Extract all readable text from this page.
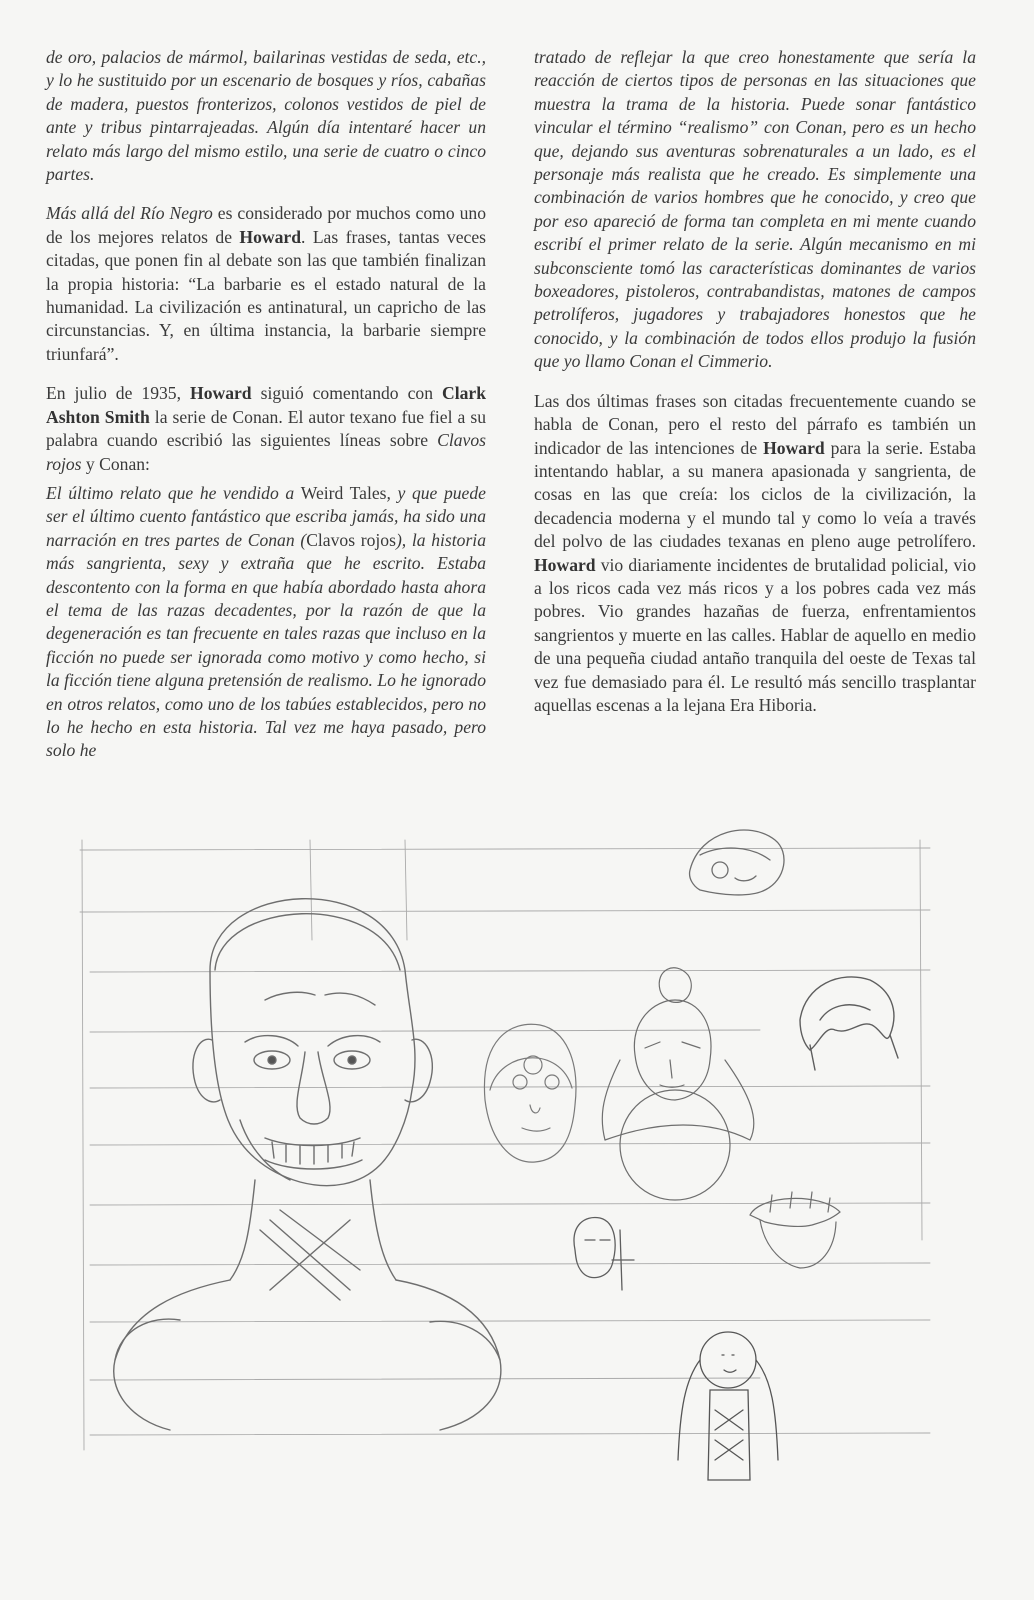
de oro, palacios de mármol, bailarinas vestidas de seda, etc., y lo he sustituido por un escenario de bosques y ríos, cabañas de madera, puestos fronterizos, colonos vestidos de piel de ante y tribus pintarrajeadas. Algún día intentaré hacer un relato más largo del mismo estilo, una serie de cuatro o cinco partes.

Más allá del Río Negro es considerado por muchos como uno de los mejores relatos de Howard. Las frases, tantas veces citadas, que ponen fin al debate son las que también finalizan la propia historia: “La barbarie es el estado natural de la humanidad. La civilización es antinatural, un capricho de las circunstancias. Y, en última instancia, la barbarie siempre triunfará”.

En julio de 1935, Howard siguió comentando con Clark Ashton Smith la serie de Conan. El autor texano fue fiel a su palabra cuando escribió las siguientes líneas sobre Clavos rojos y Conan:

El último relato que he vendido a Weird Tales, y que puede ser el último cuento fantástico que escriba jamás, ha sido una narración en tres partes de Conan (Clavos rojos), la historia más sangrienta, sexy y extraña que he escrito. Estaba descontento con la forma en que había abordado hasta ahora el tema de las razas decadentes, por la razón de que la degeneración es tan frecuente en tales razas que incluso en la ficción no puede ser ignorada como motivo y como hecho, si la ficción tiene alguna pretensión de realismo. Lo he ignorado en otros relatos, como uno de los tabúes establecidos, pero no lo he hecho en esta historia. Tal vez me haya pasado, pero solo he

tratado de reflejar la que creo honestamente que sería la reacción de ciertos tipos de personas en las situaciones que muestra la trama de la historia. Puede sonar fantástico vincular el término “realismo” con Conan, pero es un hecho que, dejando sus aventuras sobrenaturales a un lado, es el personaje más realista que he creado. Es simplemente una combinación de varios hombres que he conocido, y creo que por eso apareció de forma tan completa en mi mente cuando escribí el primer relato de la serie. Algún mecanismo en mi subconsciente tomó las características dominantes de varios boxeadores, pistoleros, contrabandistas, matones de campos petrolíferos, jugadores y trabajadores honestos que he conocido, y la combinación de todos ellos produjo la fusión que yo llamo Conan el Cimmerio.

Las dos últimas frases son citadas frecuentemente cuando se habla de Conan, pero el resto del párrafo es también un indicador de las intenciones de Howard para la serie. Estaba intentando hablar, a su manera apasionada y sangrienta, de cosas en las que creía: los ciclos de la civilización, la decadencia moderna y el mundo tal y como lo veía a través del polvo de las ciudades texanas en pleno auge petrolífero. Howard vio diariamente incidentes de brutalidad policial, vio a los ricos cada vez más ricos y a los pobres cada vez más pobres. Vio grandes hazañas de fuerza, enfrentamientos sangrientos y muerte en las calles. Hablar de aquello en medio de una pequeña ciudad antaño tranquila del oeste de Texas tal vez fue demasiado para él. Le resultó más sencillo trasplantar aquellas escenas a la lejana Era Hiboria.
